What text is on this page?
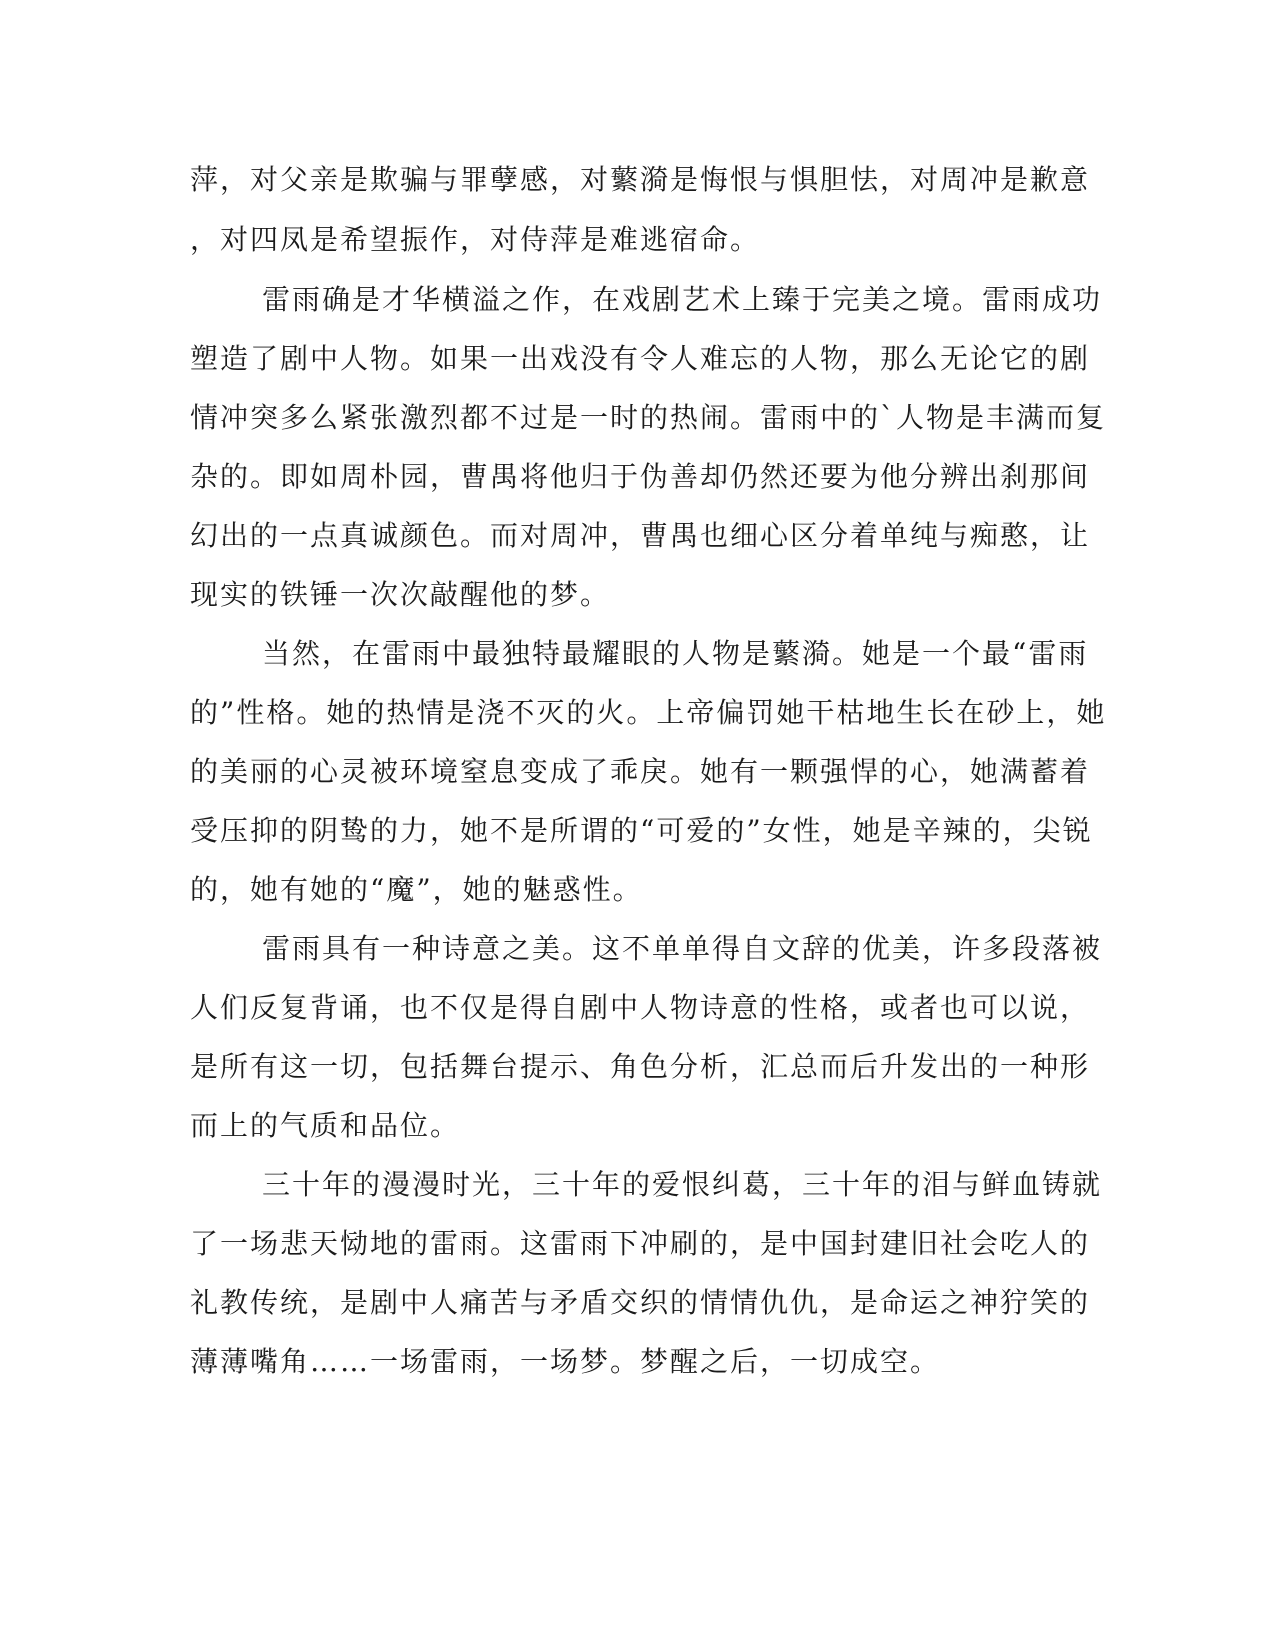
萍，对父亲是欺骗与罪孽感，对蘩漪是悔恨与惧胆怯，对周冲是歉意
，对四凤是希望振作，对侍萍是难逃宿命。
雷雨确是才华横溢之作，在戏剧艺术上臻于完美之境。雷雨成功
塑造了剧中人物。如果一出戏没有令人难忘的人物，那么无论它的剧
情冲突多么紧张激烈都不过是一时的热闹。雷雨中的`人物是丰满而复
杂的。即如周朴园，曹禺将他归于伪善却仍然还要为他分辨出刹那间
幻出的一点真诚颜色。而对周冲，曹禺也细心区分着单纯与痴憨，让
现实的铁锤一次次敲醒他的梦。
当然，在雷雨中最独特最耀眼的人物是蘩漪。她是一个最“雷雨
的”性格。她的热情是浇不灭的火。上帝偏罚她干枯地生长在砂上，她
的美丽的心灵被环境窒息变成了乖戾。她有一颗强悍的心，她满蓄着
受压抑的阴鸷的力，她不是所谓的“可爱的”女性，她是辛辣的，尖锐
的，她有她的“魔”，她的魅惑性。
雷雨具有一种诗意之美。这不单单得自文辞的优美，许多段落被
人们反复背诵，也不仅是得自剧中人物诗意的性格，或者也可以说，
是所有这一切，包括舞台提示、角色分析，汇总而后升发出的一种形
而上的气质和品位。
三十年的漫漫时光，三十年的爱恨纠葛，三十年的泪与鲜血铸就
了一场悲天恸地的雷雨。这雷雨下冲刷的，是中国封建旧社会吃人的
礼教传统，是剧中人痛苦与矛盾交织的情情仇仇，是命运之神狞笑的
薄薄嘴角……一场雷雨，一场梦。梦醒之后，一切成空。
